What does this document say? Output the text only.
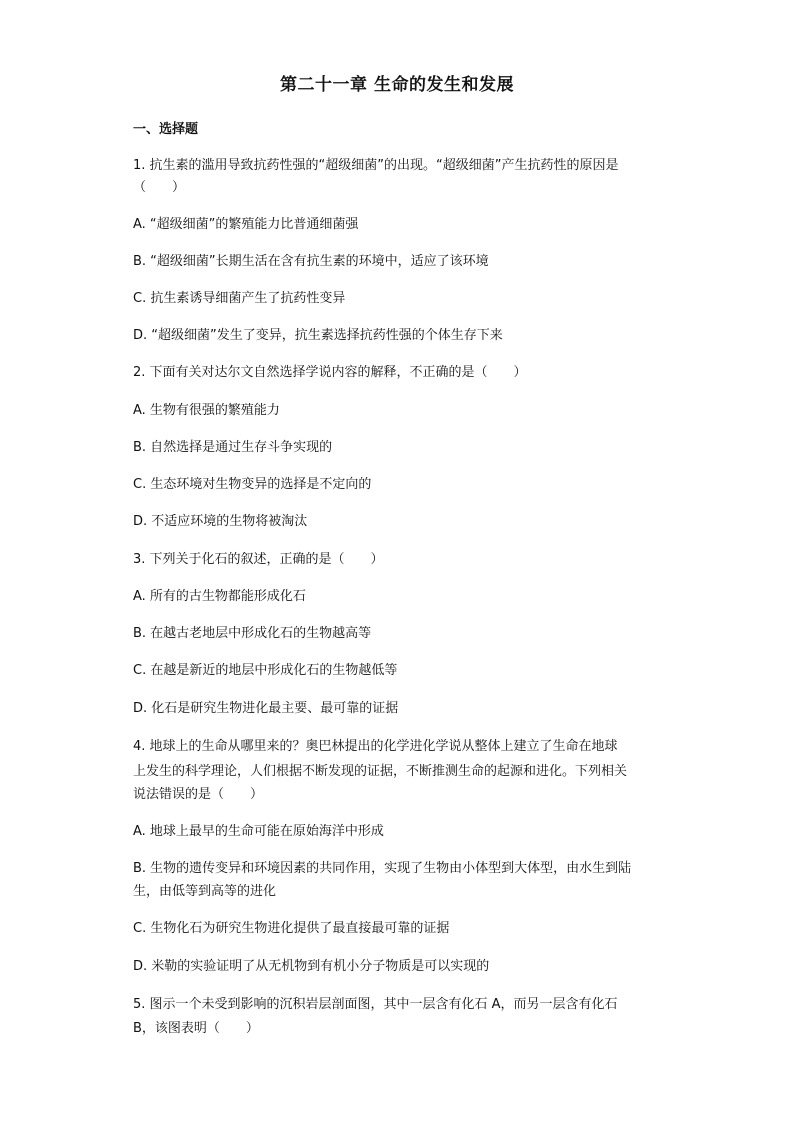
第二十一章 生命的发生和发展
一、选择题
1. 抗生素的滥用导致抗药性强的“超级细菌”的出现。“超级细菌”产生抗药性的原因是
（　　）
A. “超级细菌”的繁殖能力比普通细菌强
B. “超级细菌”长期生活在含有抗生素的环境中，适应了该环境
C. 抗生素诱导细菌产生了抗药性变异
D. “超级细菌”发生了变异，抗生素选择抗药性强的个体生存下来
2. 下面有关对达尔文自然选择学说内容的解释，不正确的是（　　）
A. 生物有很强的繁殖能力
B. 自然选择是通过生存斗争实现的
C. 生态环境对生物变异的选择是不定向的
D. 不适应环境的生物将被淘汰
3. 下列关于化石的叙述，正确的是（　　）
A. 所有的古生物都能形成化石
B. 在越古老地层中形成化石的生物越高等
C. 在越是新近的地层中形成化石的生物越低等
D. 化石是研究生物进化最主要、最可靠的证据
4. 地球上的生命从哪里来的？奥巴林提出的化学进化学说从整体上建立了生命在地球
上发生的科学理论，人们根据不断发现的证据，不断推测生命的起源和进化。下列相关
说法错误的是（　　）
A. 地球上最早的生命可能在原始海洋中形成
B. 生物的遗传变异和环境因素的共同作用，实现了生物由小体型到大体型，由水生到陆
生，由低等到高等的进化
C. 生物化石为研究生物进化提供了最直接最可靠的证据
D. 米勒的实验证明了从无机物到有机小分子物质是可以实现的
5. 图示一个未受到影响的沉积岩层剖面图，其中一层含有化石 A，而另一层含有化石
B，该图表明（　　）
